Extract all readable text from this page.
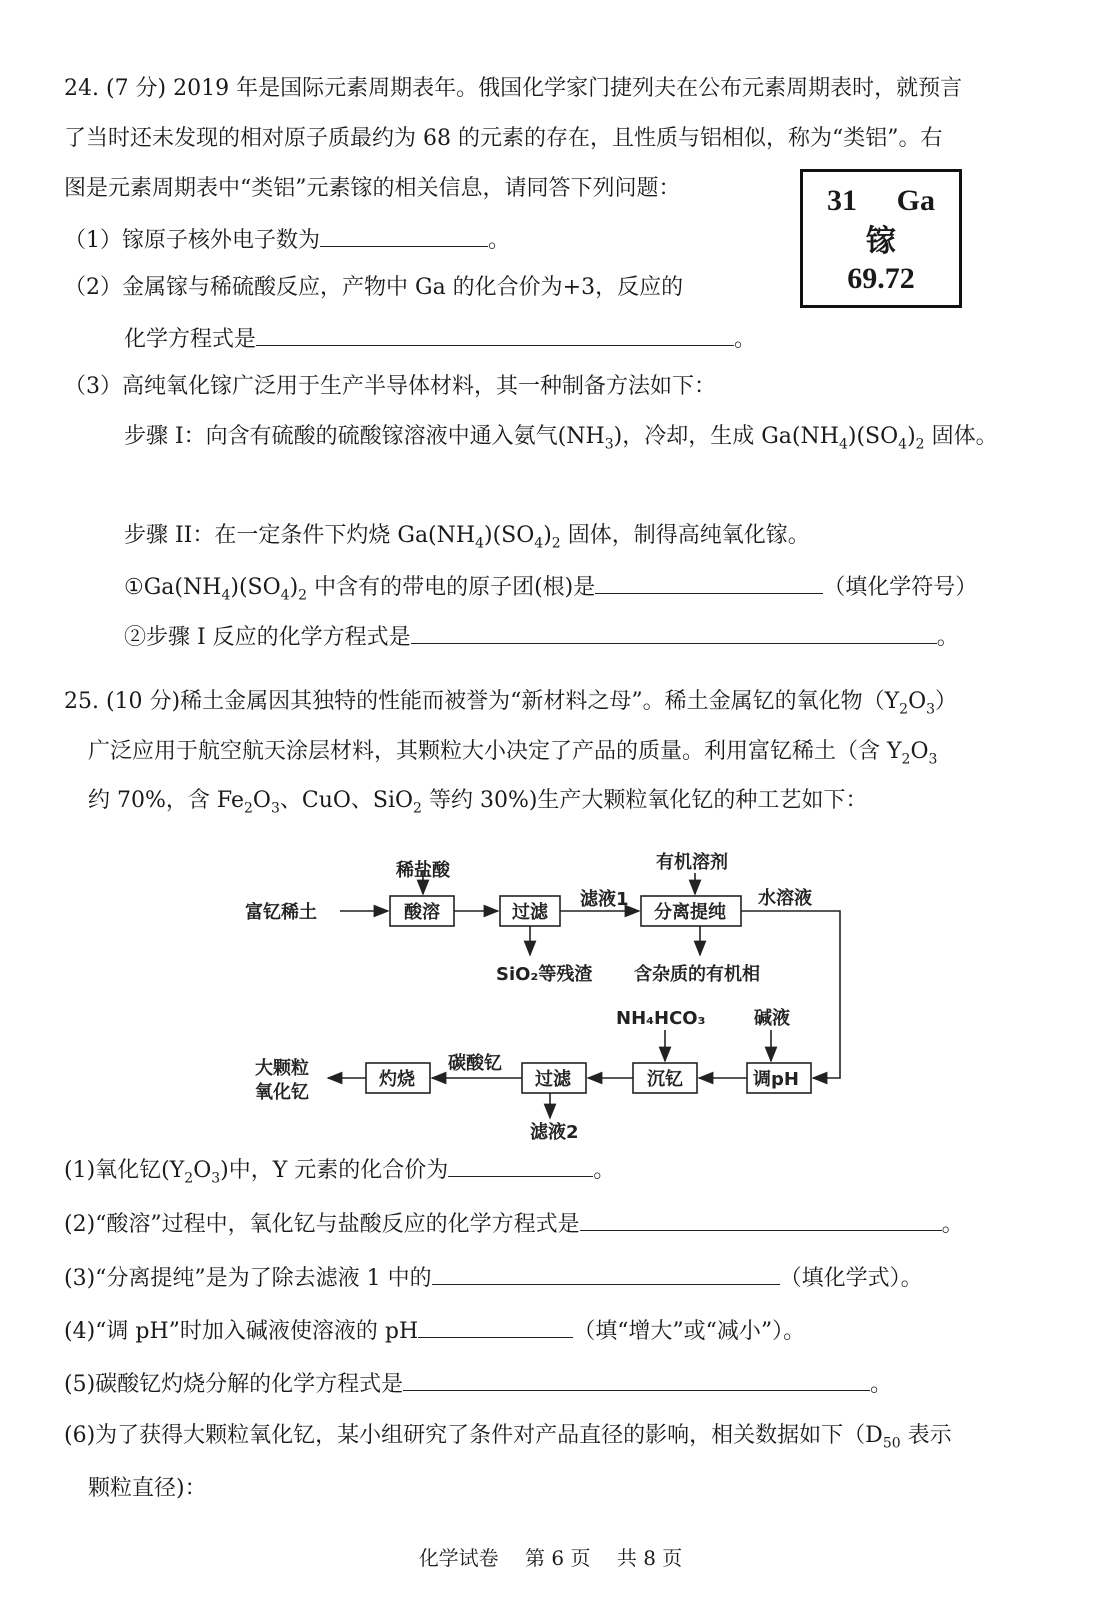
24. (7 分) 2019 年是国际元素周期表年。俄国化学家门捷列夫在公布元素周期表时，就预言
了当时还未发现的相对原子质最约为 68 的元素的存在，且性质与铝相似，称为“类铝”。右
图是元素周期表中“类铝”元素镓的相关信息，请同答下列问题：	31 Ga
镓
69.72
（1）镓原子核外电子数为	。
（2）金属镓与稀硫酸反应，产物中 Ga 的化合价为+3，反应的
化学方程式是	。
（3）高纯氧化镓广泛用于生产半导体材料，其一种制备方法如下：
步骤 I：向含有硫酸的硫酸镓溶液中通入氨气$(NH_3)$，冷却，生成 $Ga(NH_4)(SO_4)_2$ 固体。
步骤 II：在一定条件下灼烧 $Ga(NH_4)(SO_4)_2$ 固体，制得高纯氧化镓。
$①Ga(NH_4)(SO_4)_2$ 中含有的带电的原子团(根)是	（填化学符号）
②步骤 I 反应的化学方程式是	。
25. (10 分)稀土金属因其独特的性能而被誉为“新材料之母”。稀土金属钇的氧化物$(Y_2O_3)$
广泛应用于航空航天涂层材料，其颗粒大小决定了产品的质量。利用富钇稀土（含 $Y_2O_3$
约 70%，含 $Fe_2O_3$、CuO、SiO$_2$ 等约 30%)生产大颗粒氧化钇的种工艺如下：
富钇稀土
稀盐酸
酸溶	过滤
滤液1
SiO₂等残渣
有机溶剂
分离提纯
水溶液
含杂质的有机相
NH₄HCO₃	碱液
调pH
沉钇
过滤
滤液2
碳酸钇
灼烧
大颗粒
氧化钇
(1)氧化钇$(Y_2O_3)$中，Y 元素的化合价为	。
(2)“酸溶”过程中，氧化钇与盐酸反应的化学方程式是	。
(3)“分离提纯”是为了除去滤液 1 中的	（填化学式）。
(4)“调 pH”时加入碱液使溶液的 pH	（填“增大”或“减小”）。
(5)碳酸钇灼烧分解的化学方程式是	。
(6)为了获得大颗粒氧化钇，某小组研究了条件对产品直径的影响，相关数据如下（$D_{50}$ 表示
颗粒直径)：
化学试卷 第 6 页 共 8 页
